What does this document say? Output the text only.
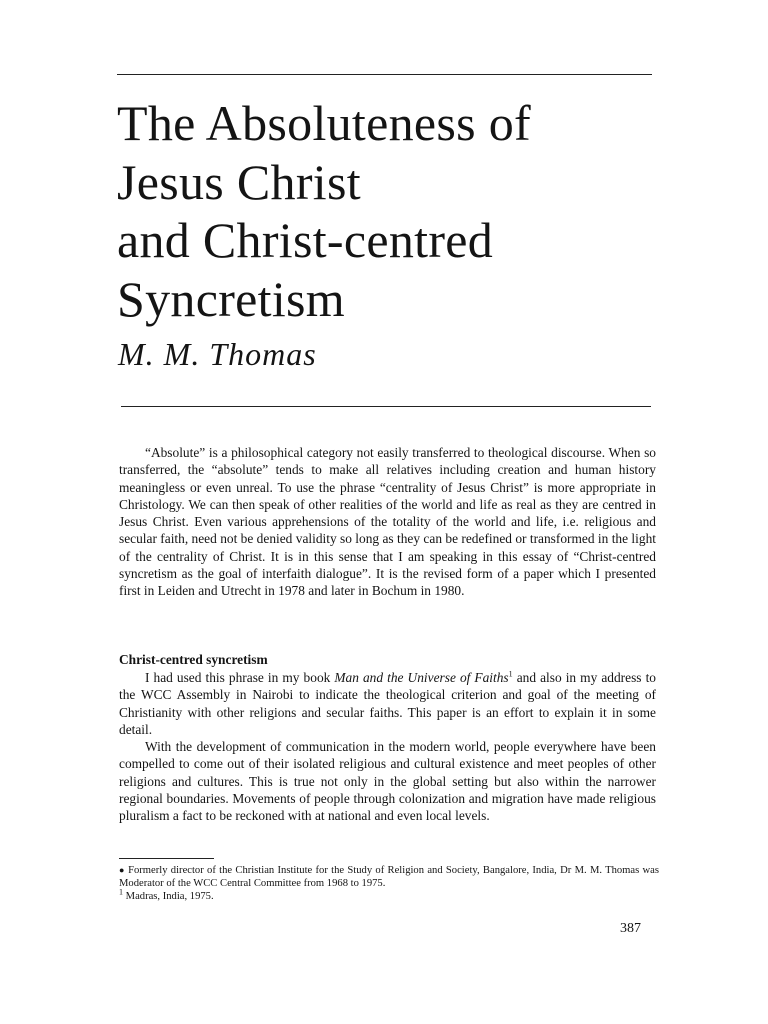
The Absoluteness of
Jesus Christ
and Christ-centred
Syncretism

M. M. Thomas

“Absolute” is a philosophical category not easily transferred to theological discourse. When so transferred, the “absolute” tends to make all relatives including creation and human history meaningless or even unreal. To use the phrase “centrality of Jesus Christ” is more appropriate in Christology. We can then speak of other realities of the world and life as real as they are centred in Jesus Christ. Even various apprehensions of the totality of the world and life, i.e. religious and secular faith, need not be denied validity so long as they can be redefined or transformed in the light of the centrality of Christ. It is in this sense that I am speaking in this essay of “Christ-centred syncretism as the goal of interfaith dialogue”. It is the revised form of a paper which I presented first in Leiden and Utrecht in 1978 and later in Bochum in 1980.

Christ-centred syncretism

I had used this phrase in my book Man and the Universe of Faiths$^1$ and also in my address to the WCC Assembly in Nairobi to indicate the theological criterion and goal of the meeting of Christianity with other religions and secular faiths. This paper is an effort to explain it in some detail.

With the development of communication in the modern world, people everywhere have been compelled to come out of their isolated religious and cultural existence and meet peoples of other religions and cultures. This is true not only in the global setting but also within the narrower regional boundaries. Movements of people through colonization and migration have made religious pluralism a fact to be reckoned with at national and even local levels.

● Formerly director of the Christian Institute for the Study of Religion and Society, Bangalore, India, Dr M. M. Thomas was Moderator of the WCC Central Committee from 1968 to 1975.
$^1$ Madras, India, 1975.

387
